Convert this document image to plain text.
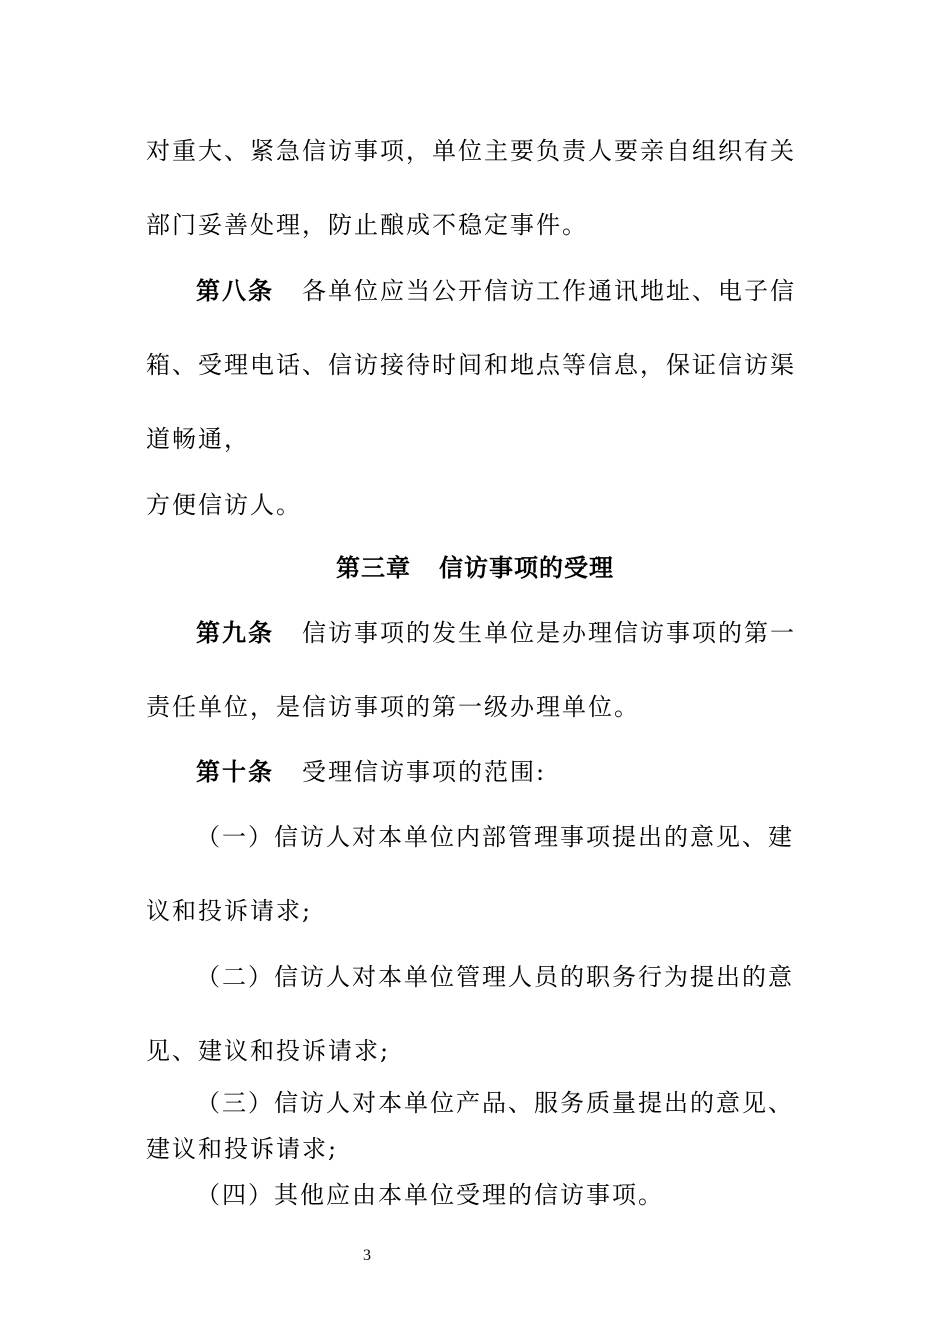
对重大、紧急信访事项，单位主要负责人要亲自组织有关
部门妥善处理，防止酿成不稳定事件。
第八条 各单位应当公开信访工作通讯地址、电子信
箱、受理电话、信访接待时间和地点等信息，保证信访渠
道畅通，
方便信访人。
第三章 信访事项的受理
第九条 信访事项的发生单位是办理信访事项的第一
责任单位，是信访事项的第一级办理单位。
第十条 受理信访事项的范围:
（一）信访人对本单位内部管理事项提出的意见、建
议和投诉请求;
（二）信访人对本单位管理人员的职务行为提出的意
见、建议和投诉请求;
（三）信访人对本单位产品、服务质量提出的意见、
建议和投诉请求;
（四）其他应由本单位受理的信访事项。
3
